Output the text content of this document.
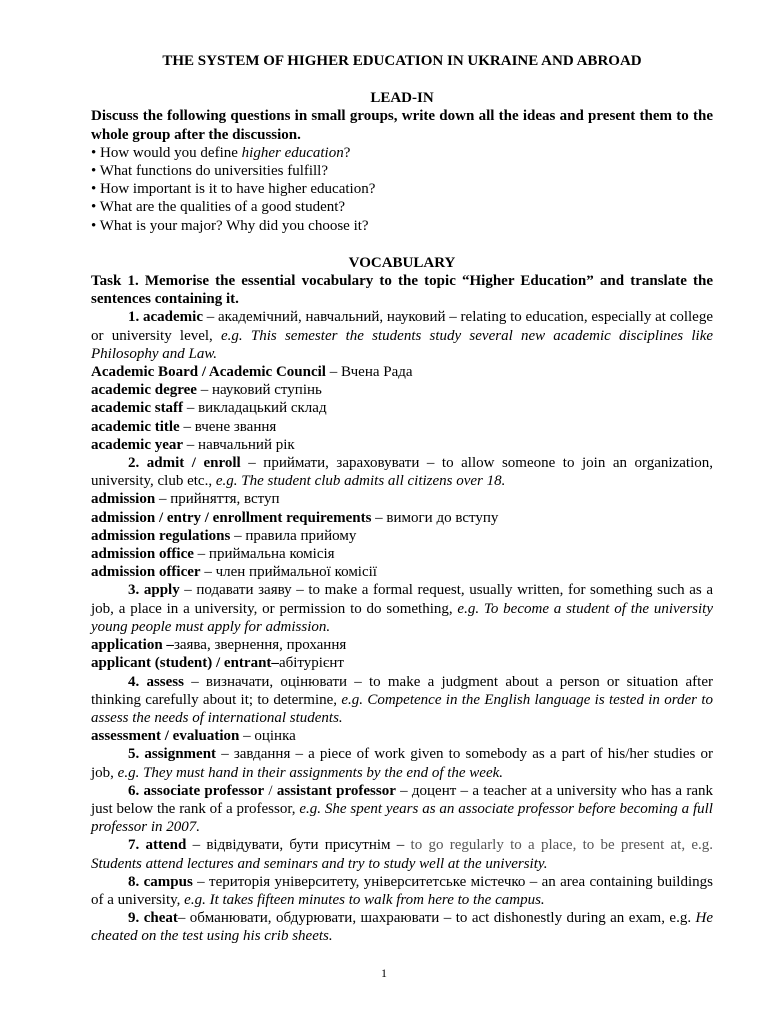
THE SYSTEM OF HIGHER EDUCATION IN UKRAINE AND ABROAD

LEAD-IN

Discuss the following questions in small groups, write down all the ideas and present them to the whole group after the discussion.

• How would you define higher education?

• What functions do universities fulfill?

• How important is it to have higher education?

• What are the qualities of a good student?

• What is your major? Why did you choose it?

VOCABULARY

Task 1. Memorise the essential vocabulary to the topic “Higher Education” and translate the sentences containing it.

1. academic – академічний, навчальний, науковий – relating to education, especially at college or university level, e.g. This semester the students study several new academic disciplines like Philosophy and Law.

Academic Board / Academic Council – Вчена Рада

academic degree – науковий ступінь

academic staff – викладацький склад

academic title – вчене звання

academic year – навчальний рік

2. admit / enroll – приймати, зараховувати – to allow someone to join an organization, university, club etc., e.g. The student club admits all citizens over 18.

admission – прийняття, вступ

admission / entry / enrollment requirements – вимоги до вступу

admission regulations – правила прийому

admission office – приймальна комісія

admission officer – член приймальної комісії

3. apply – подавати заяву – to make a formal request, usually written, for something such as a job, a place in a university, or permission to do something, e.g. To become a student of the university young people must apply for admission.

application –заява, звернення, прохання

applicant (student) / entrant–абітурієнт

4. assess – визначати, оцінювати – to make a judgment about a person or situation after thinking carefully about it; to determine, e.g. Competence in the English language is tested in order to assess the needs of international students.

assessment / evaluation – оцінка

5. assignment – завдання – a piece of work given to somebody as a part of his/her studies or job, e.g. They must hand in their assignments by the end of the week.

6. associate professor / assistant professor – доцент – a teacher at a university who has a rank just below the rank of a professor, e.g. She spent years as an associate professor before becoming a full professor in 2007.

7. attend – відвідувати, бути присутнім – to go regularly to a place, to be present at, e.g. Students attend lectures and seminars and try to study well at the university.

8. campus – територія університету, університетське містечко – an area containing buildings of a university, e.g. It takes fifteen minutes to walk from here to the campus.

9. cheat– обманювати, обдурювати, шахраювати – to act dishonestly during an exam, e.g. He cheated on the test using his crib sheets.

1
